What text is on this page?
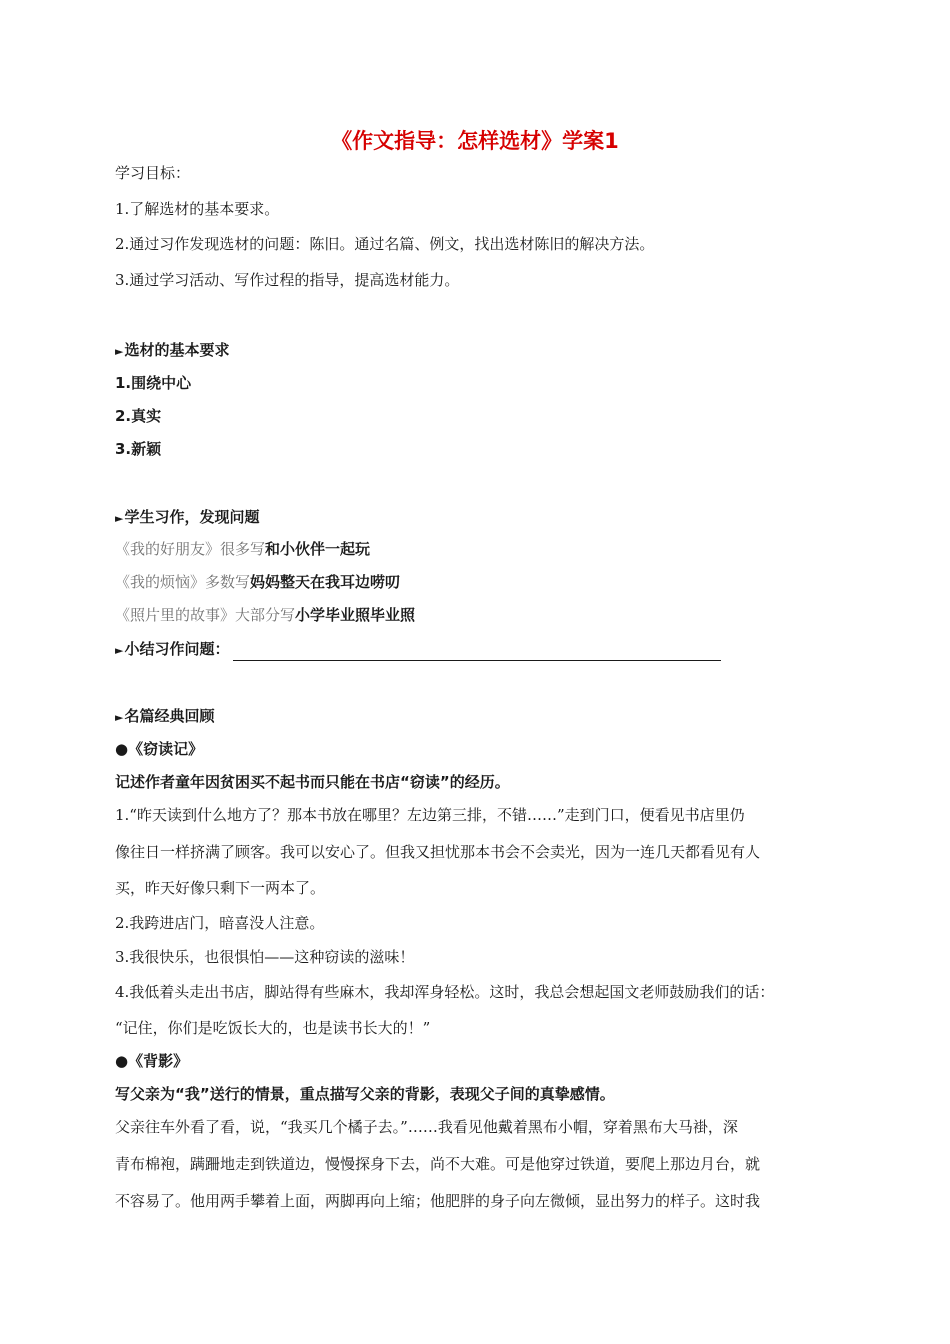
《作文指导：怎样选材》学案1
学习目标：
1.了解选材的基本要求。
2.通过习作发现选材的问题：陈旧。通过名篇、例文，找出选材陈旧的解决方法。
3.通过学习活动、写作过程的指导，提高选材能力。
►选材的基本要求
1.围绕中心
2.真实
3.新颖
►学生习作，发现问题
《我的好朋友》很多写和小伙伴一起玩
《我的烦恼》多数写妈妈整天在我耳边唠叨
《照片里的故事》大部分写小学毕业照毕业照
►小结习作问题：
►名篇经典回顾
●《窃读记》
记述作者童年因贫困买不起书而只能在书店“窃读”的经历。
1.“昨天读到什么地方了？那本书放在哪里？左边第三排，不错……”走到门口，便看见书店里仍
像往日一样挤满了顾客。我可以安心了。但我又担忧那本书会不会卖光，因为一连几天都看见有人
买，昨天好像只剩下一两本了。
2.我跨进店门，暗喜没人注意。
3.我很快乐，也很惧怕——这种窃读的滋味！
4.我低着头走出书店，脚站得有些麻木，我却浑身轻松。这时，我总会想起国文老师鼓励我们的话：
“记住，你们是吃饭长大的，也是读书长大的！”
●《背影》
写父亲为“我”送行的情景，重点描写父亲的背影，表现父子间的真挚感情。
父亲往车外看了看，说，“我买几个橘子去。”……我看见他戴着黑布小帽，穿着黑布大马褂，深
青布棉袍，蹒跚地走到铁道边，慢慢探身下去，尚不大难。可是他穿过铁道，要爬上那边月台，就
不容易了。他用两手攀着上面，两脚再向上缩；他肥胖的身子向左微倾，显出努力的样子。这时我
